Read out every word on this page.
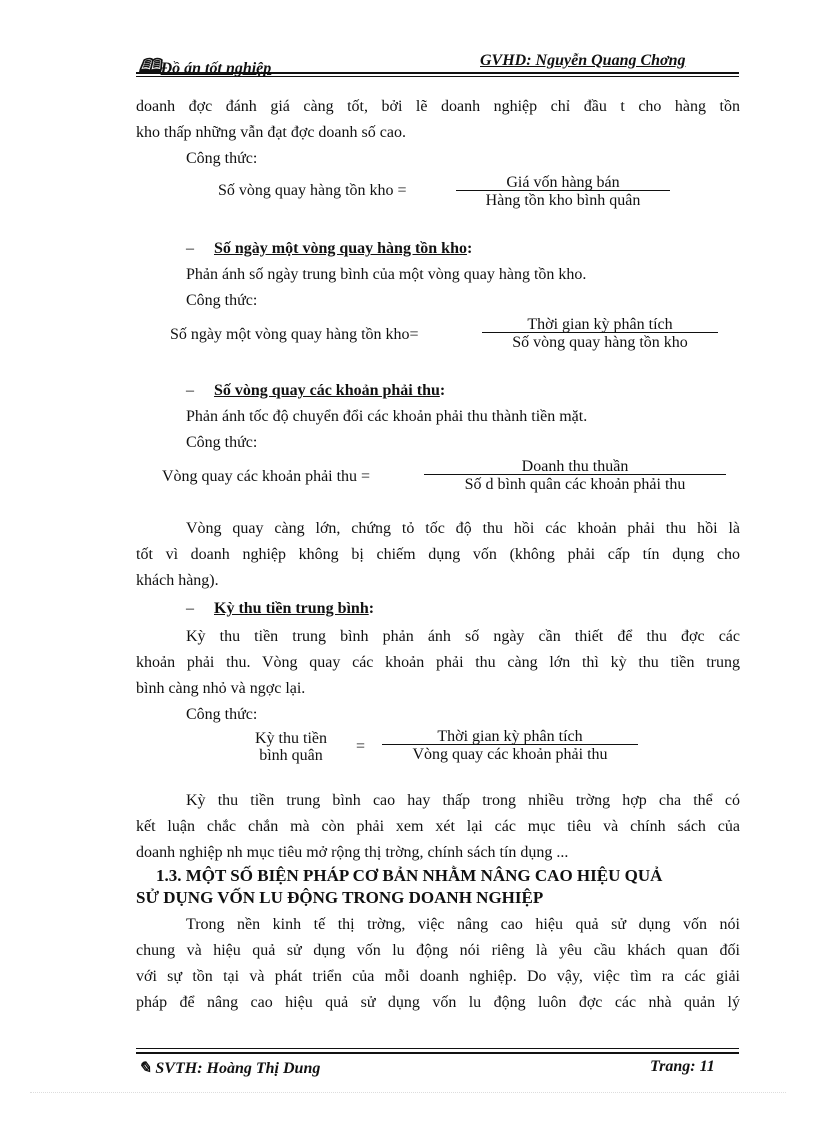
🕮Đồ án tốt nghiệp	GVHD: Nguyễn Quang Chơng
doanh đợc đánh giá càng tốt, bởi lẽ doanh nghiệp chỉ đầu t cho hàng tồn
kho thấp những vẫn đạt đợc doanh số cao.
Công thức:
Số vòng quay hàng tồn kho =	Giá vốn hàng bán
Hàng tồn kho bình quân
– Số ngày một vòng quay hàng tồn kho:
Phản ánh số ngày trung bình của một vòng quay hàng tồn kho.
Công thức:
Số ngày một vòng quay hàng tồn kho=
Thời gian kỳ phân tích
Số vòng quay hàng tồn kho
– Số vòng quay các khoản phải thu:
Phản ánh tốc độ chuyển đổi các khoản phải thu thành tiền mặt.
Công thức:
Vòng quay các khoản phải thu =
Doanh thu thuần
Số d bình quân các khoản phải thu
Vòng quay càng lớn, chứng tỏ tốc độ thu hồi các khoản phải thu hồi là
tốt vì doanh nghiệp không bị chiếm dụng vốn (không phải cấp tín dụng cho
khách hàng).
– Kỳ thu tiền trung bình:
Kỳ thu tiền trung bình phản ánh số ngày cần thiết để thu đợc các
khoản phải thu. Vòng quay các khoản phải thu càng lớn thì kỳ thu tiền trung
bình càng nhỏ và ngợc lại.
Công thức:
Kỳ thu tiền
bình quân
=
Thời gian kỳ phân tích
Vòng quay các khoản phải thu
Kỳ thu tiền trung bình cao hay thấp trong nhiều trờng hợp cha thể có
kết luận chắc chắn mà còn phải xem xét lại các mục tiêu và chính sách của
doanh nghiệp nh mục tiêu mở rộng thị trờng, chính sách tín dụng ...
1.3. MỘT SỐ BIỆN PHÁP CƠ BẢN NHẰM NÂNG CAO HIỆU QUẢ
SỬ DỤNG VỐN LU ĐỘNG TRONG DOANH NGHIỆP
Trong nền kinh tế thị trờng, việc nâng cao hiệu quả sử dụng vốn nói
chung và hiệu quả sử dụng vốn lu động nói riêng là yêu cầu khách quan đối
với sự tồn tại và phát triển của mỗi doanh nghiệp. Do vậy, việc tìm ra các giải
pháp để nâng cao hiệu quả sử dụng vốn lu động luôn đợc các nhà quản lý
✎ SVTH: Hoàng Thị Dung	Trang: 11
